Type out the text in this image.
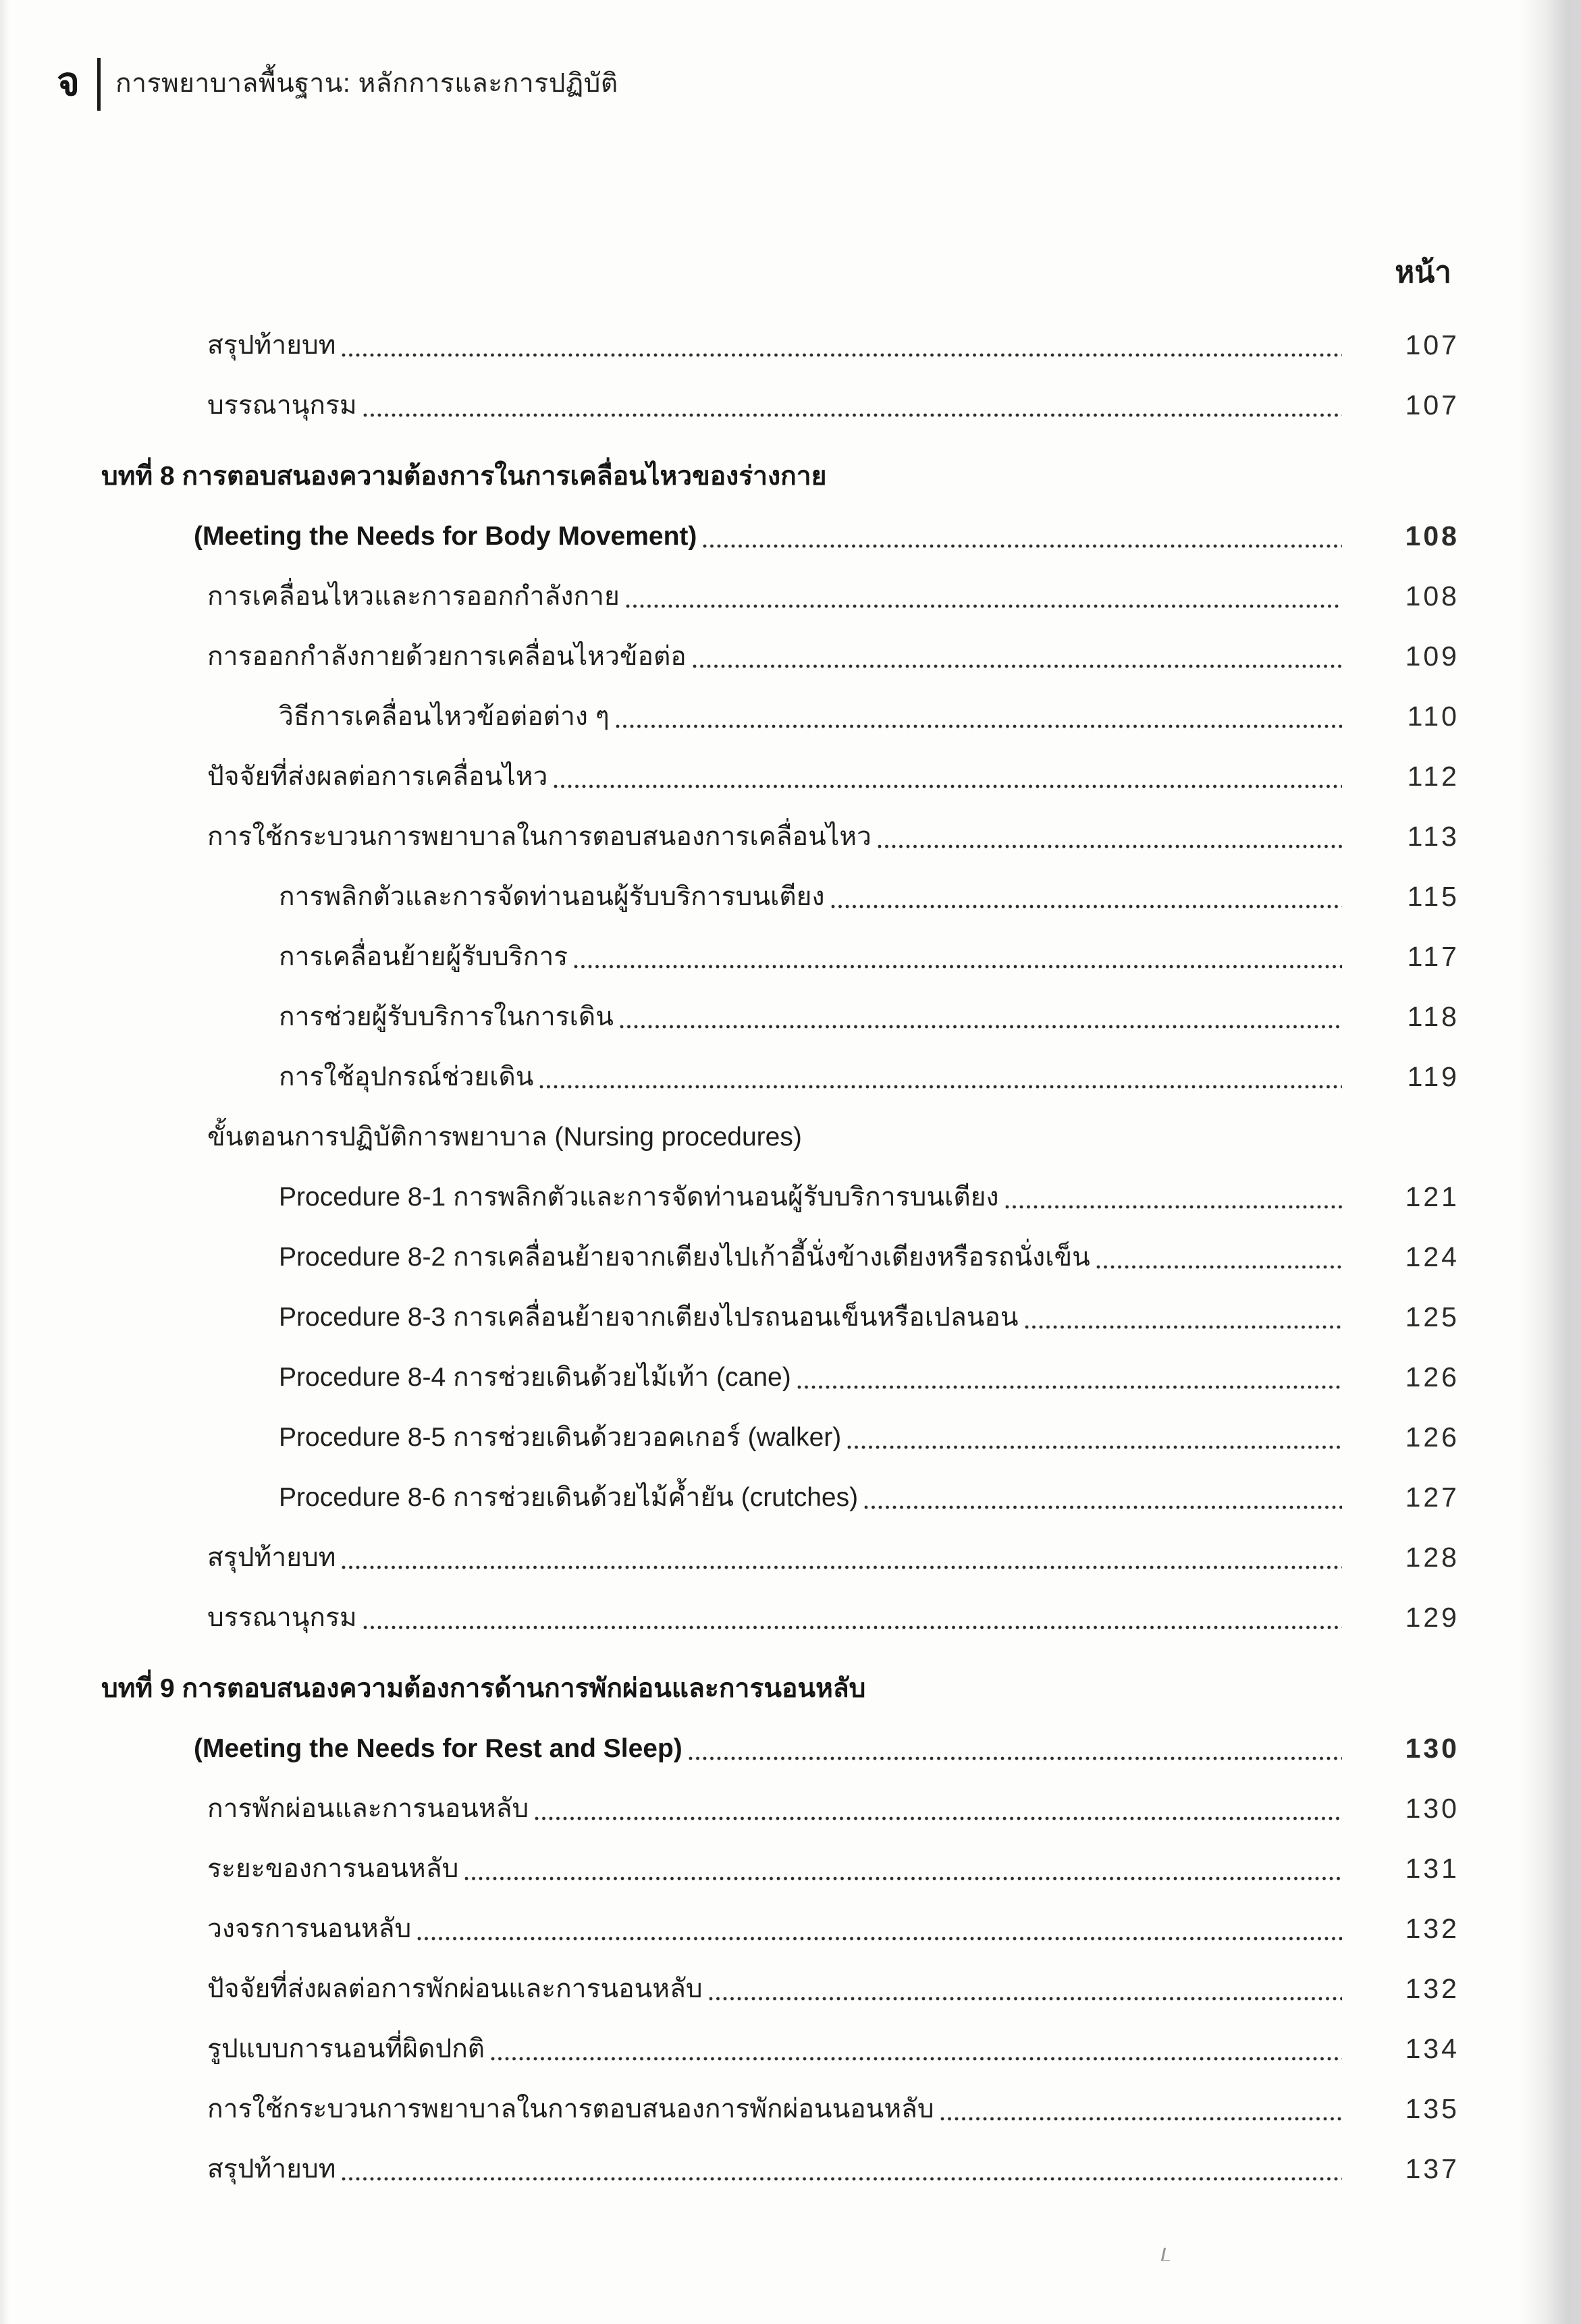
จ การพยาบาลพื้นฐาน: หลักการและการปฏิบัติ
หน้า
สรุปท้ายบท	107
บรรณานุกรม	107
บทที่ 8 การตอบสนองความต้องการในการเคลื่อนไหวของร่างกาย
(Meeting the Needs for Body Movement)	108
การเคลื่อนไหวและการออกกำลังกาย	108
การออกกำลังกายด้วยการเคลื่อนไหวข้อต่อ	109
วิธีการเคลื่อนไหวข้อต่อต่าง ๆ	110
ปัจจัยที่ส่งผลต่อการเคลื่อนไหว	112
การใช้กระบวนการพยาบาลในการตอบสนองการเคลื่อนไหว	113
การพลิกตัวและการจัดท่านอนผู้รับบริการบนเตียง	115
การเคลื่อนย้ายผู้รับบริการ	117
การช่วยผู้รับบริการในการเดิน	118
การใช้อุปกรณ์ช่วยเดิน	119
ขั้นตอนการปฏิบัติการพยาบาล (Nursing procedures)
Procedure 8-1 การพลิกตัวและการจัดท่านอนผู้รับบริการบนเตียง	121
Procedure 8-2 การเคลื่อนย้ายจากเตียงไปเก้าอี้นั่งข้างเตียงหรือรถนั่งเข็น	124
Procedure 8-3 การเคลื่อนย้ายจากเตียงไปรถนอนเข็นหรือเปลนอน	125
Procedure 8-4 การช่วยเดินด้วยไม้เท้า (cane)	126
Procedure 8-5 การช่วยเดินด้วยวอคเกอร์ (walker)	126
Procedure 8-6 การช่วยเดินด้วยไม้ค้ำยัน (crutches)	127
สรุปท้ายบท	128
บรรณานุกรม	129
บทที่ 9 การตอบสนองความต้องการด้านการพักผ่อนและการนอนหลับ
(Meeting the Needs for Rest and Sleep)	130
การพักผ่อนและการนอนหลับ	130
ระยะของการนอนหลับ	131
วงจรการนอนหลับ	132
ปัจจัยที่ส่งผลต่อการพักผ่อนและการนอนหลับ	132
รูปแบบการนอนที่ผิดปกติ	134
การใช้กระบวนการพยาบาลในการตอบสนองการพักผ่อนนอนหลับ	135
สรุปท้ายบท	137
